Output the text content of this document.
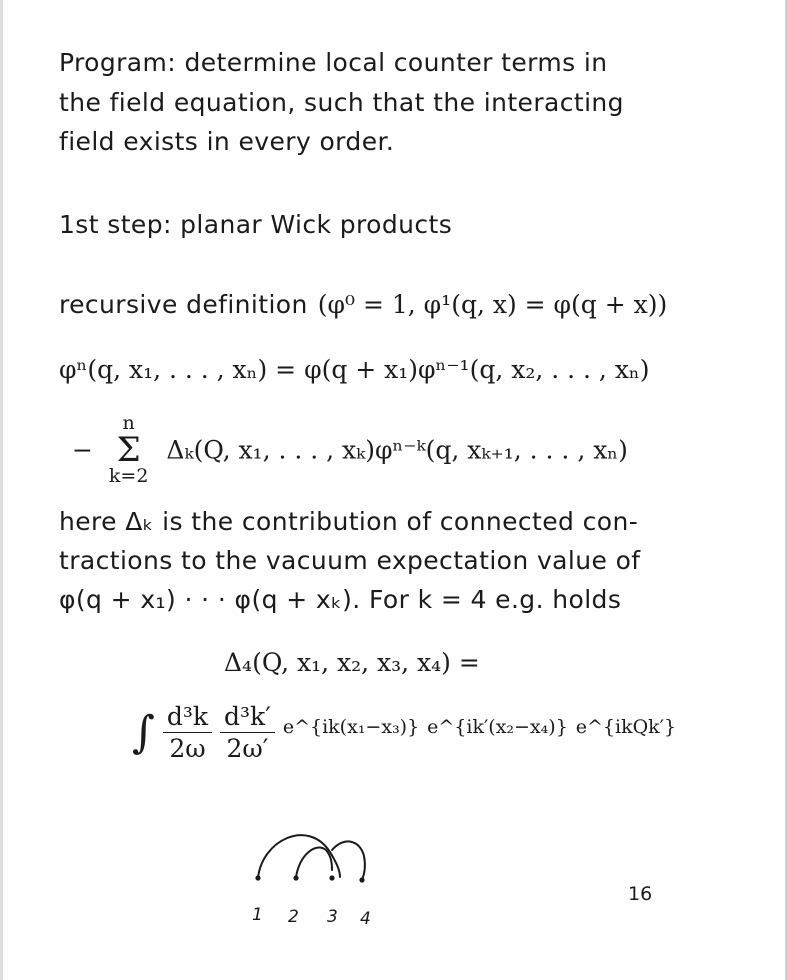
Program: determine local counter terms in
the field equation, such that the interacting
field exists in every order.
1st step: planar Wick products
recursive definition (φ⁰ = 1, φ¹(q, x) = φ(q + x))
φⁿ(q, x₁, . . . , xₙ) = φ(q + x₁)φⁿ⁻¹(q, x₂, . . . , xₙ)
−
n
Σ
k=2
Δₖ(Q, x₁, . . . , xₖ)φⁿ⁻ᵏ(q, xₖ₊₁, . . . , xₙ)
here Δₖ is the contribution of connected con-
tractions to the vacuum expectation value of
φ(q + x₁) · · · φ(q + xₖ). For k = 4 e.g. holds
Δ₄(Q, x₁, x₂, x₃, x₄) =
∫ $\frac{\text{d³k}}{2\omega}$
$\frac{\text{d³k′}}{2\omega'} ^{e\^{}\{ik(x_1-x_3)\}}$ $^{e\^{}\{ik'(x_2-x_4)\}}$ $^{e\^{}\{ikQk'\}}$
1 2 3 4
16
